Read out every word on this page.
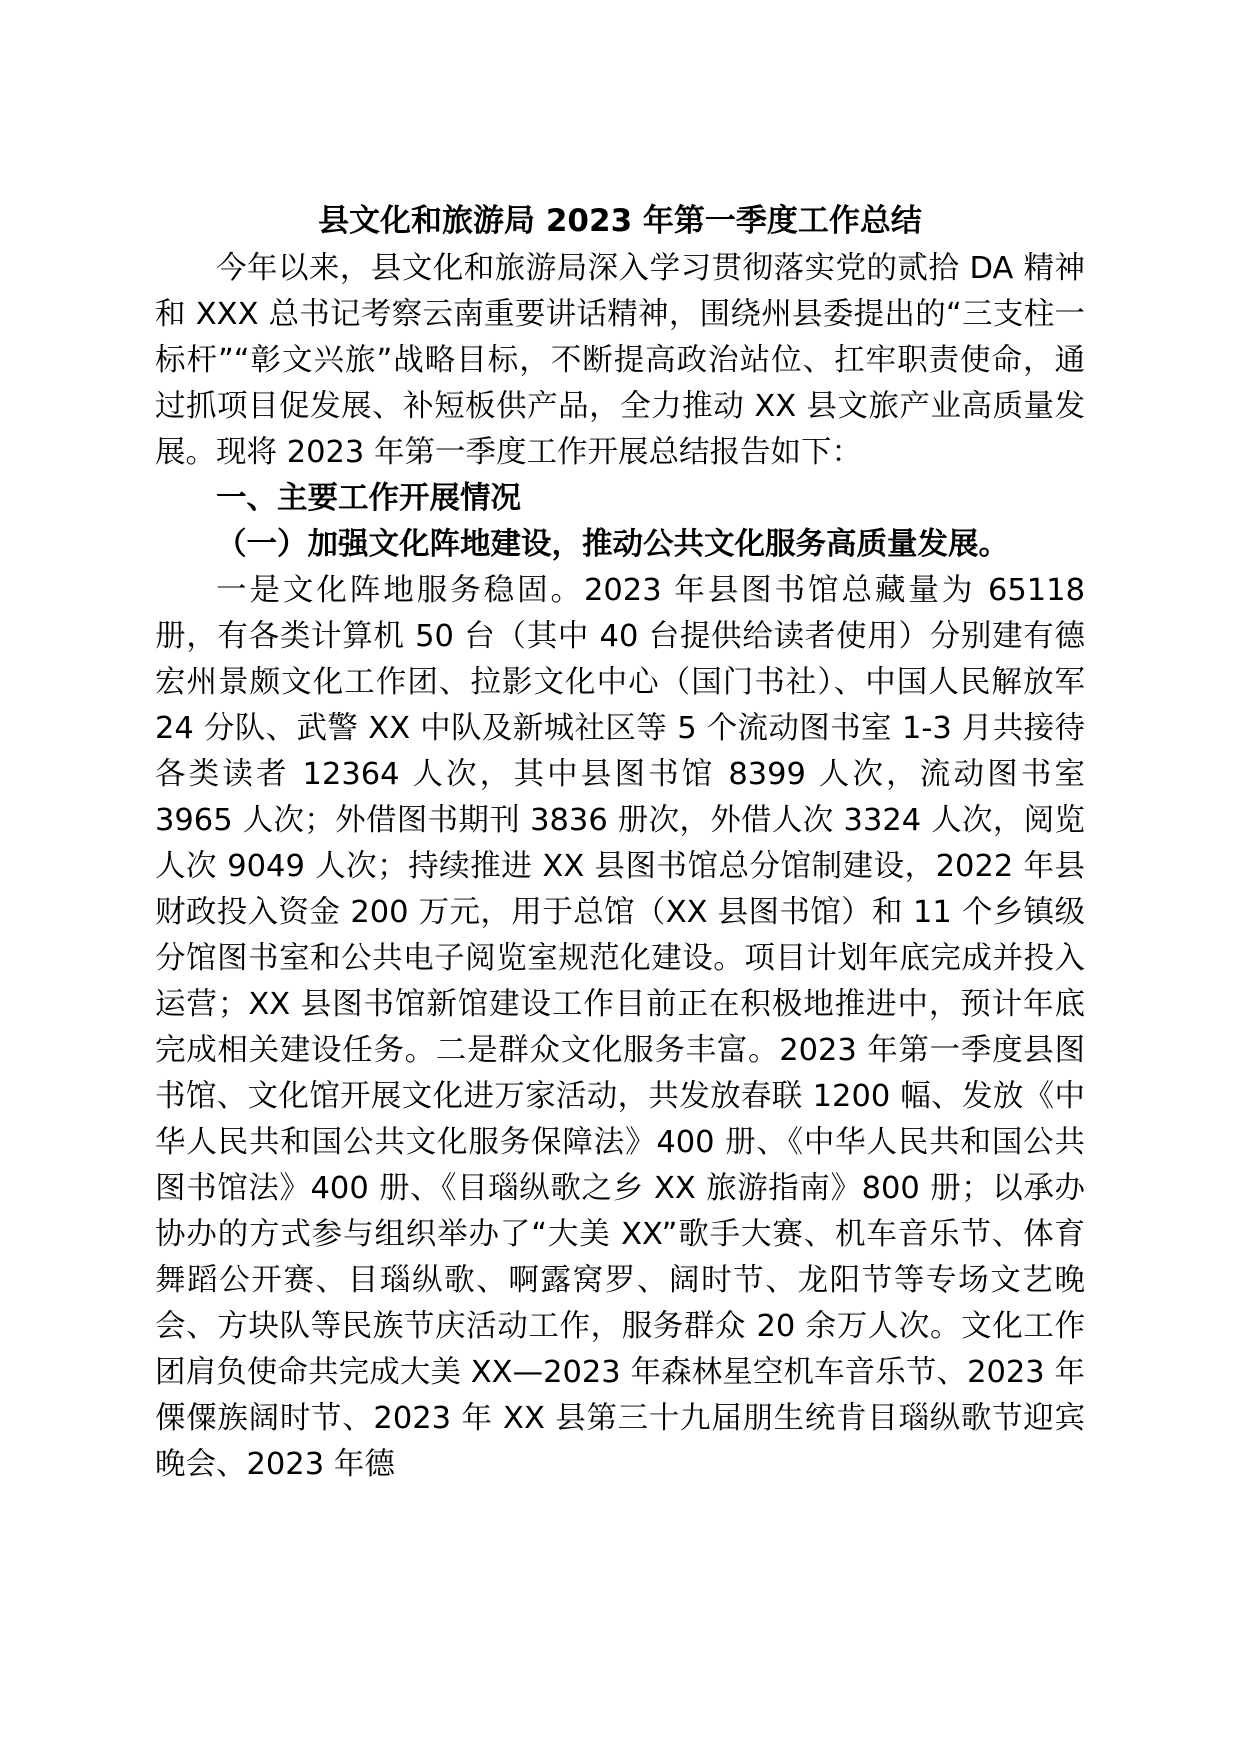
县文化和旅游局 2023 年第一季度工作总结

今年以来，县文化和旅游局深入学习贯彻落实党的贰拾 DA 精神和 XXX 总书记考察云南重要讲话精神，围绕州县委提出的“三支柱一标杆”“彰文兴旅”战略目标，不断提高政治站位、扛牢职责使命，通过抓项目促发展、补短板供产品，全力推动 XX 县文旅产业高质量发展。现将 2023 年第一季度工作开展总结报告如下：

一、主要工作开展情况

（一）加强文化阵地建设，推动公共文化服务高质量发展。

一是文化阵地服务稳固。2023 年县图书馆总藏量为 65118 册，有各类计算机 50 台（其中 40 台提供给读者使用）分别建有德宏州景颇文化工作团、拉影文化中心（国门书社）、中国人民解放军 24 分队、武警 XX 中队及新城社区等 5 个流动图书室 1-3 月共接待各类读者 12364 人次，其中县图书馆 8399 人次，流动图书室 3965 人次；外借图书期刊 3836 册次，外借人次 3324 人次，阅览人次 9049 人次；持续推进 XX 县图书馆总分馆制建设，2022 年县财政投入资金 200 万元，用于总馆（XX 县图书馆）和 11 个乡镇级分馆图书室和公共电子阅览室规范化建设。项目计划年底完成并投入运营；XX 县图书馆新馆建设工作目前正在积极地推进中，预计年底完成相关建设任务。二是群众文化服务丰富。2023 年第一季度县图书馆、文化馆开展文化进万家活动，共发放春联 1200 幅、发放《中华人民共和国公共文化服务保障法》400 册、《中华人民共和国公共图书馆法》400 册、《目瑙纵歌之乡 XX 旅游指南》800 册；以承办协办的方式参与组织举办了“大美 XX”歌手大赛、机车音乐节、体育舞蹈公开赛、目瑙纵歌、啊露窝罗、阔时节、龙阳节等专场文艺晚会、方块队等民族节庆活动工作，服务群众 20 余万人次。文化工作团肩负使命共完成大美 XX—2023 年森林星空机车音乐节、2023 年傈僳族阔时节、2023 年 XX 县第三十九届朋生统肯目瑙纵歌节迎宾晚会、2023 年德
